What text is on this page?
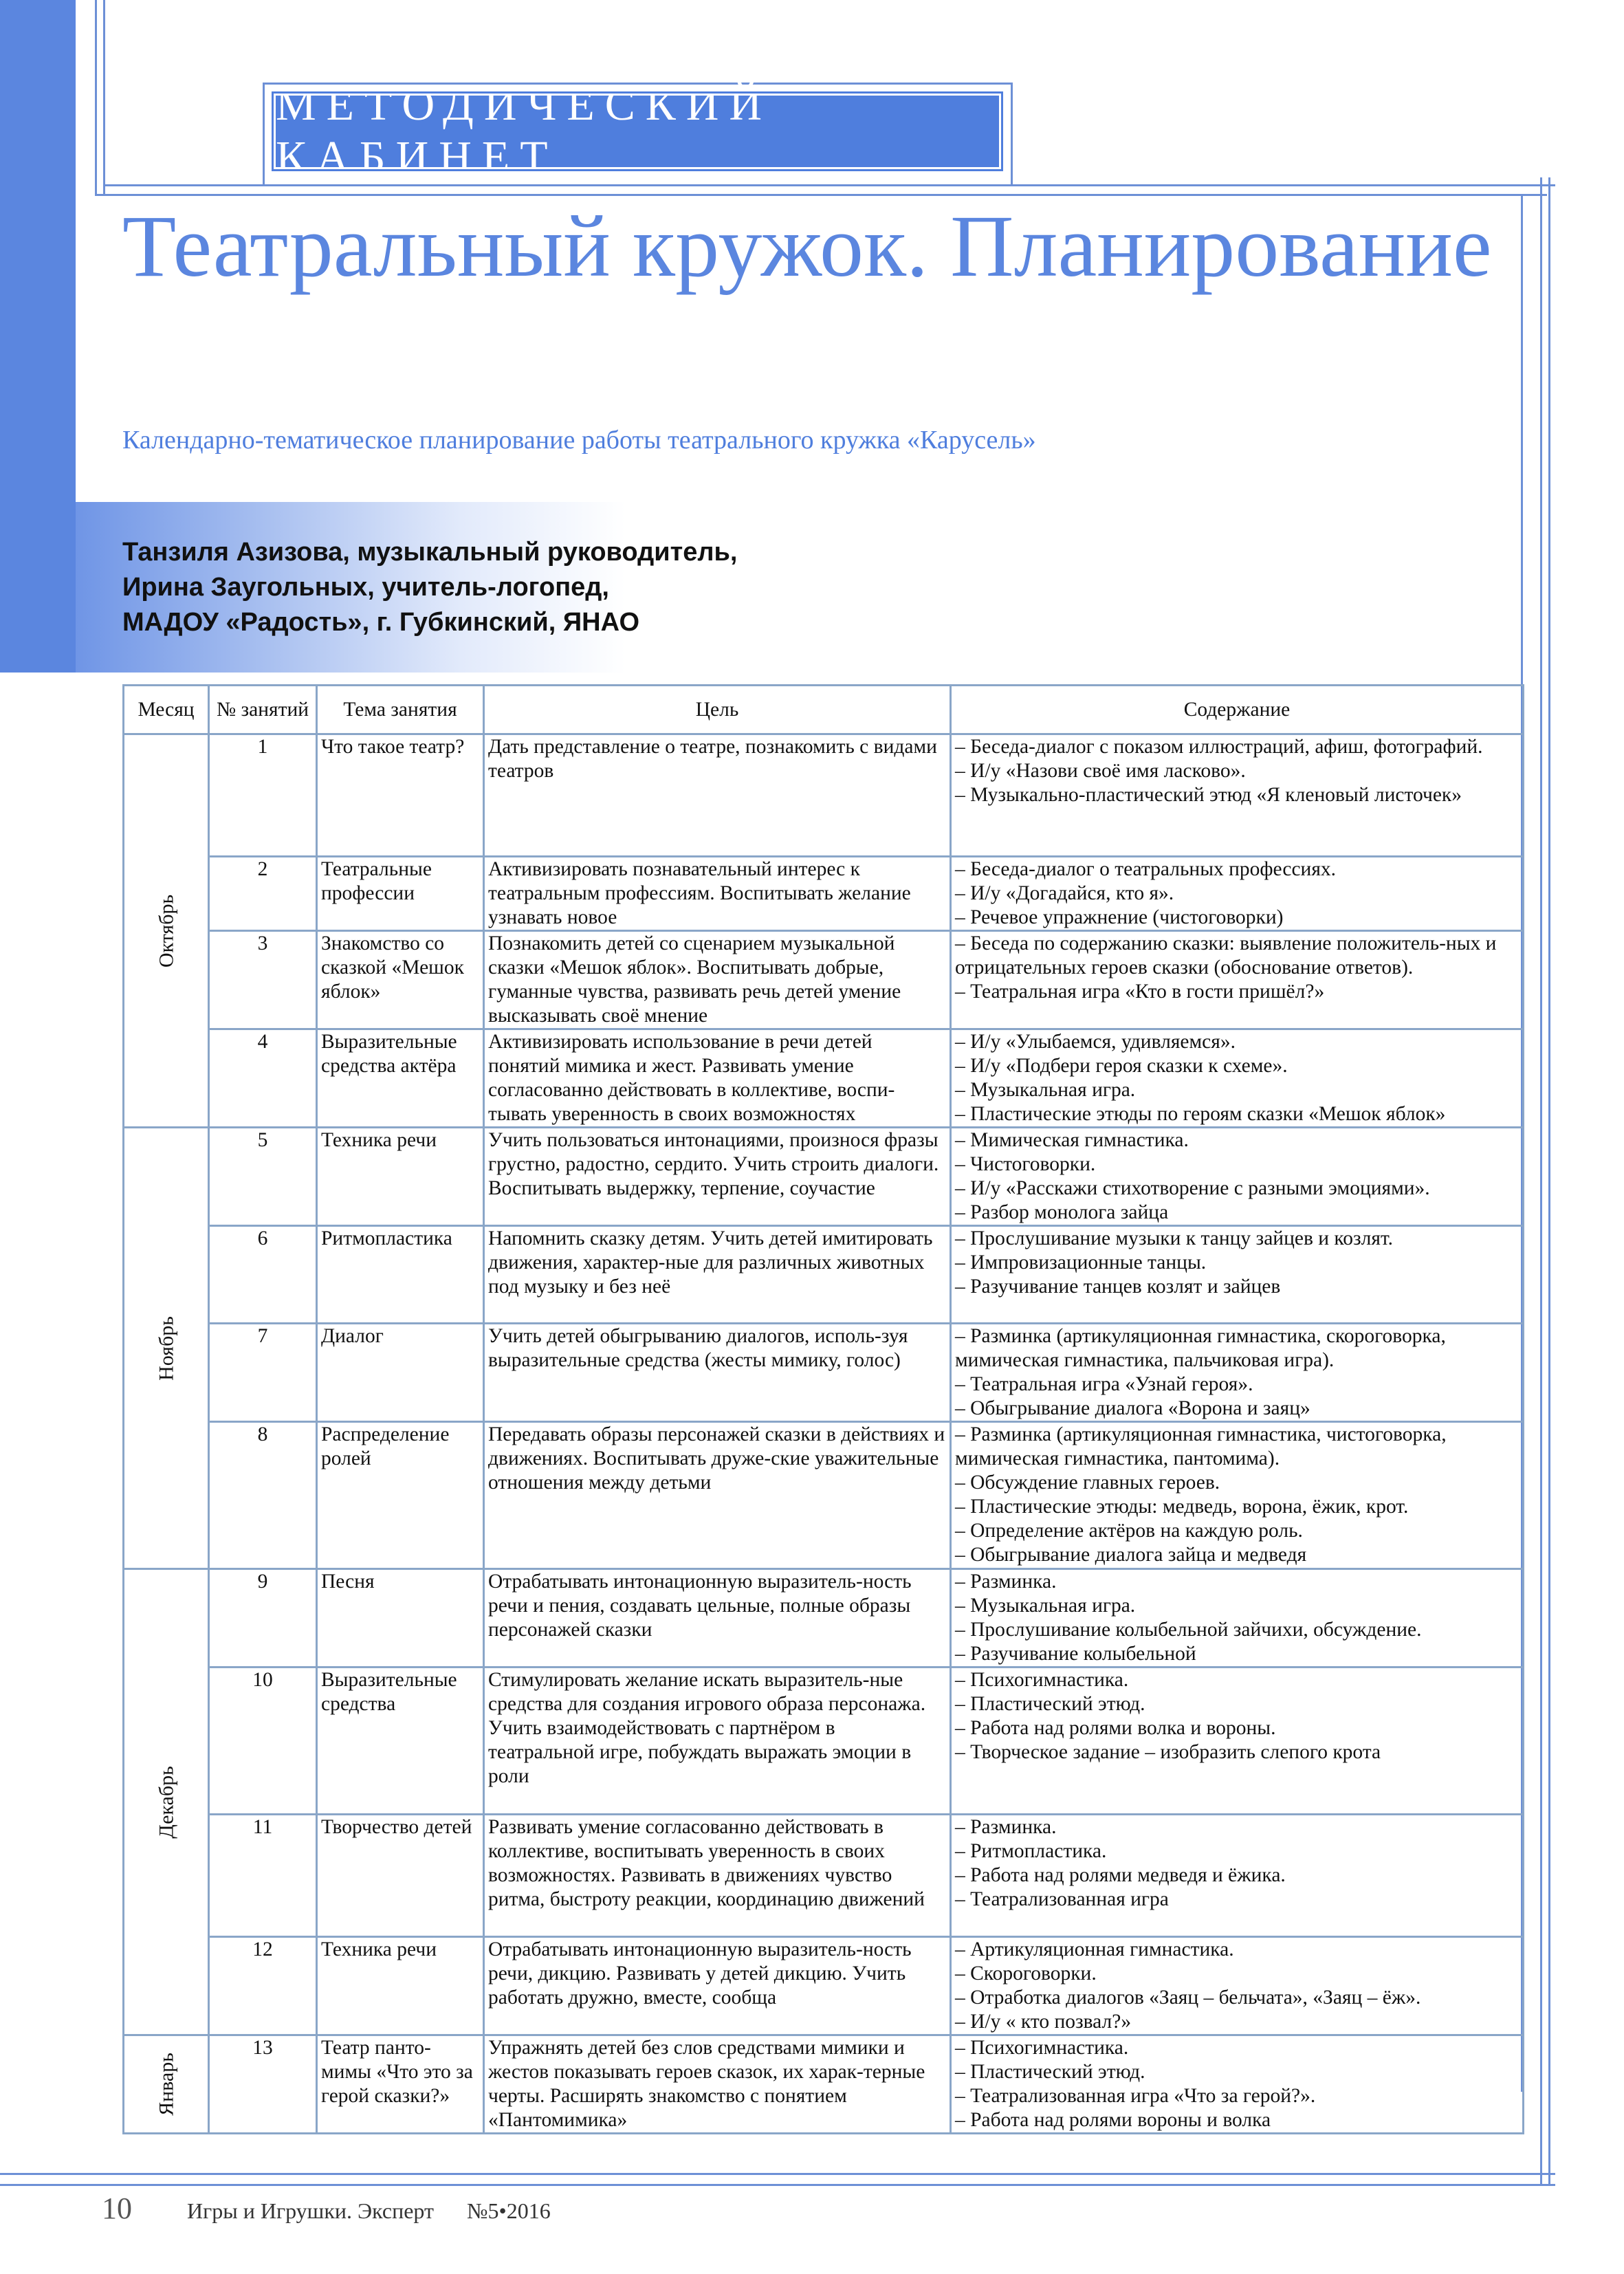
МЕТОДИЧЕСКИЙ КАБИНЕТ
Театральный кружок. Планирование
Календарно-тематическое планирование работы театрального кружка «Карусель»
Танзиля Азизова, музыкальный руководитель,
Ирина Заугольных, учитель-логопед,
МАДОУ «Радость», г. Губкинский, ЯНАО
Месяц	№ занятий	Тема занятия	Цель	Содержание

Октябрь	1	Что такое театр?	Дать представление о театре, познакомить с видами театров	– Беседа-диалог с показом иллюстраций, афиш, фотографий.
– И/у «Назови своё имя ласково».
– Музыкально-пластический этюд «Я кленовый листочек»

	2	Театральные профессии	Активизировать познавательный интерес к театральным профессиям. Воспитывать желание узнавать новое	– Беседа-диалог о театральных профессиях.
– И/у «Догадайся, кто я».
– Речевое упражнение (чистоговорки)

	3	Знакомство со сказкой «Мешок яблок»	Познакомить детей со сценарием музыкальной сказки «Мешок яблок». Воспитывать добрые, гуманные чувства, развивать речь детей умение высказывать своё мнение	– Беседа по содержанию сказки: выявление положитель-ных и отрицательных героев сказки (обоснование ответов).
– Театральная игра «Кто в гости пришёл?»

	4	Выразительные средства актёра	Активизировать использование в речи детей понятий мимика и жест. Развивать умение согласованно действовать в коллективе, воспи-тывать уверенность в своих возможностях	– И/у «Улыбаемся, удивляемся».
– И/у «Подбери героя сказки к схеме».
– Музыкальная игра.
– Пластические этюды по героям сказки «Мешок яблок»

Ноябрь	5	Техника речи	Учить пользоваться интонациями, произнося фразы грустно, радостно, сердито. Учить строить диалоги. Воспитывать выдержку, терпение, соучастие	– Мимическая гимнастика.
– Чистоговорки.
– И/у «Расскажи стихотворение с разными эмоциями».
– Разбор монолога зайца

	6	Ритмопластика	Напомнить сказку детям. Учить детей имитировать движения, характер-ные для различных животных под музыку и без неё	– Прослушивание музыки к танцу зайцев и козлят.
– Импровизационные танцы.
– Разучивание танцев козлят и зайцев

	7	Диалог	Учить детей обыгрыванию диалогов, исполь-зуя выразительные средства (жесты мимику, голос)	– Разминка (артикуляционная гимнастика, скороговорка, мимическая гимнастика, пальчиковая игра).
– Театральная игра «Узнай героя».
– Обыгрывание диалога «Ворона и заяц»

	8	Распределение ролей	Передавать образы персонажей сказки в действиях и движениях. Воспитывать друже-ские уважительные отношения между детьми	– Разминка (артикуляционная гимнастика, чистоговорка, мимическая гимнастика, пантомима).
– Обсуждение главных героев.
– Пластические этюды: медведь, ворона, ёжик, крот.
– Определение актёров на каждую роль.
– Обыгрывание диалога зайца и медведя

Декабрь	9	Песня	Отрабатывать интонационную выразитель-ность речи и пения, создавать цельные, полные образы персонажей сказки	– Разминка.
– Музыкальная игра.
– Прослушивание колыбельной зайчихи, обсуждение.
– Разучивание колыбельной

	10	Выразительные средства	Стимулировать желание искать выразитель-ные средства для создания игрового образа персонажа. Учить взаимодействовать с партнёром в театральной игре, побуждать выражать эмоции в роли	– Психогимнастика.
– Пластический этюд.
– Работа над ролями волка и вороны.
– Творческое задание – изобразить слепого крота

	11	Творчество детей	Развивать умение согласованно действовать в коллективе, воспитывать уверенность в своих возможностях. Развивать в движениях чувство ритма, быстроту реакции, координацию движений	– Разминка.
– Ритмопластика.
– Работа над ролями медведя и ёжика.
– Театрализованная игра

	12	Техника речи	Отрабатывать интонационную выразитель-ность речи, дикцию. Развивать у детей дикцию. Учить работать дружно, вместе, сообща	– Артикуляционная гимнастика.
– Скороговорки.
– Отработка диалогов «Заяц – бельчата», «Заяц – ёж».
– И/у « кто позвал?»

Январь	13	Театр панто-мимы «Что это за герой сказки?»	Упражнять детей без слов средствами мимики и жестов показывать героев сказок, их харак-терные черты. Расширять знакомство с понятием «Пантомимика»	– Психогимнастика.
– Пластический этюд.
– Театрализованная игра «Что за герой?».
– Работа над ролями вороны и волка
10	Игры и Игрушки. Эксперт №5•2016
